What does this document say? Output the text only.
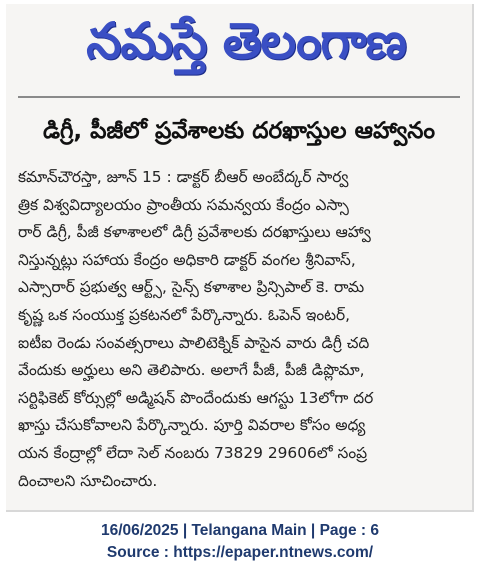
నమస్తే తెలంగాణ
డిగ్రీ, పీజీలో ప్రవేశాలకు దరఖాస్తుల ఆహ్వానం
కమాన్‌చౌరస్తా, జూన్‌ 15 : డాక్టర్‌ బీఆర్‌ అంబేద్కర్‌ సార్వ
త్రిక విశ్వవిద్యాలయం ప్రాంతీయ సమన్వయ కేంద్రం ఎస్సా
రార్‌ డిగ్రీ, పీజీ కళాశాలలో డిగ్రీ ప్రవేశాలకు దరఖాస్తులు ఆహ్వా
నిస్తున్నట్లు సహాయ కేంద్రం అధికారి డాక్టర్‌ వంగల శ్రీనివాస్‌,
ఎస్సారార్‌ ప్రభుత్వ ఆర్ట్స్‌, సైన్స్‌ కళాశాల ప్రిన్సిపాల్‌ కె. రామ
కృష్ణ ఒక సంయుక్త ప్రకటనలో పేర్కొన్నారు. ఓపెన్‌ ఇంటర్‌,
ఐటీఐ రెండు సంవత్సరాలు పాలిటెక్నిక్‌ పాసైన వారు డిగ్రీ చది
వేందుకు అర్హులు అని తెలిపారు. అలాగే పీజీ, పీజీ డిప్లొమా,
సర్టిఫికెట్‌ కోర్సుల్లో అడ్మిషన్‌ పొందేందుకు ఆగస్టు 13లోగా దర
ఖాస్తు చేసుకోవాలని పేర్కొన్నారు. పూర్తి వివరాల కోసం అధ్య
యన కేంద్రాల్లో లేదా సెల్‌ నంబరు 73829 29606లో సంప్ర
దించాలని సూచించారు.
16/06/2025 | Telangana Main | Page : 6
Source : https://epaper.ntnews.com/
